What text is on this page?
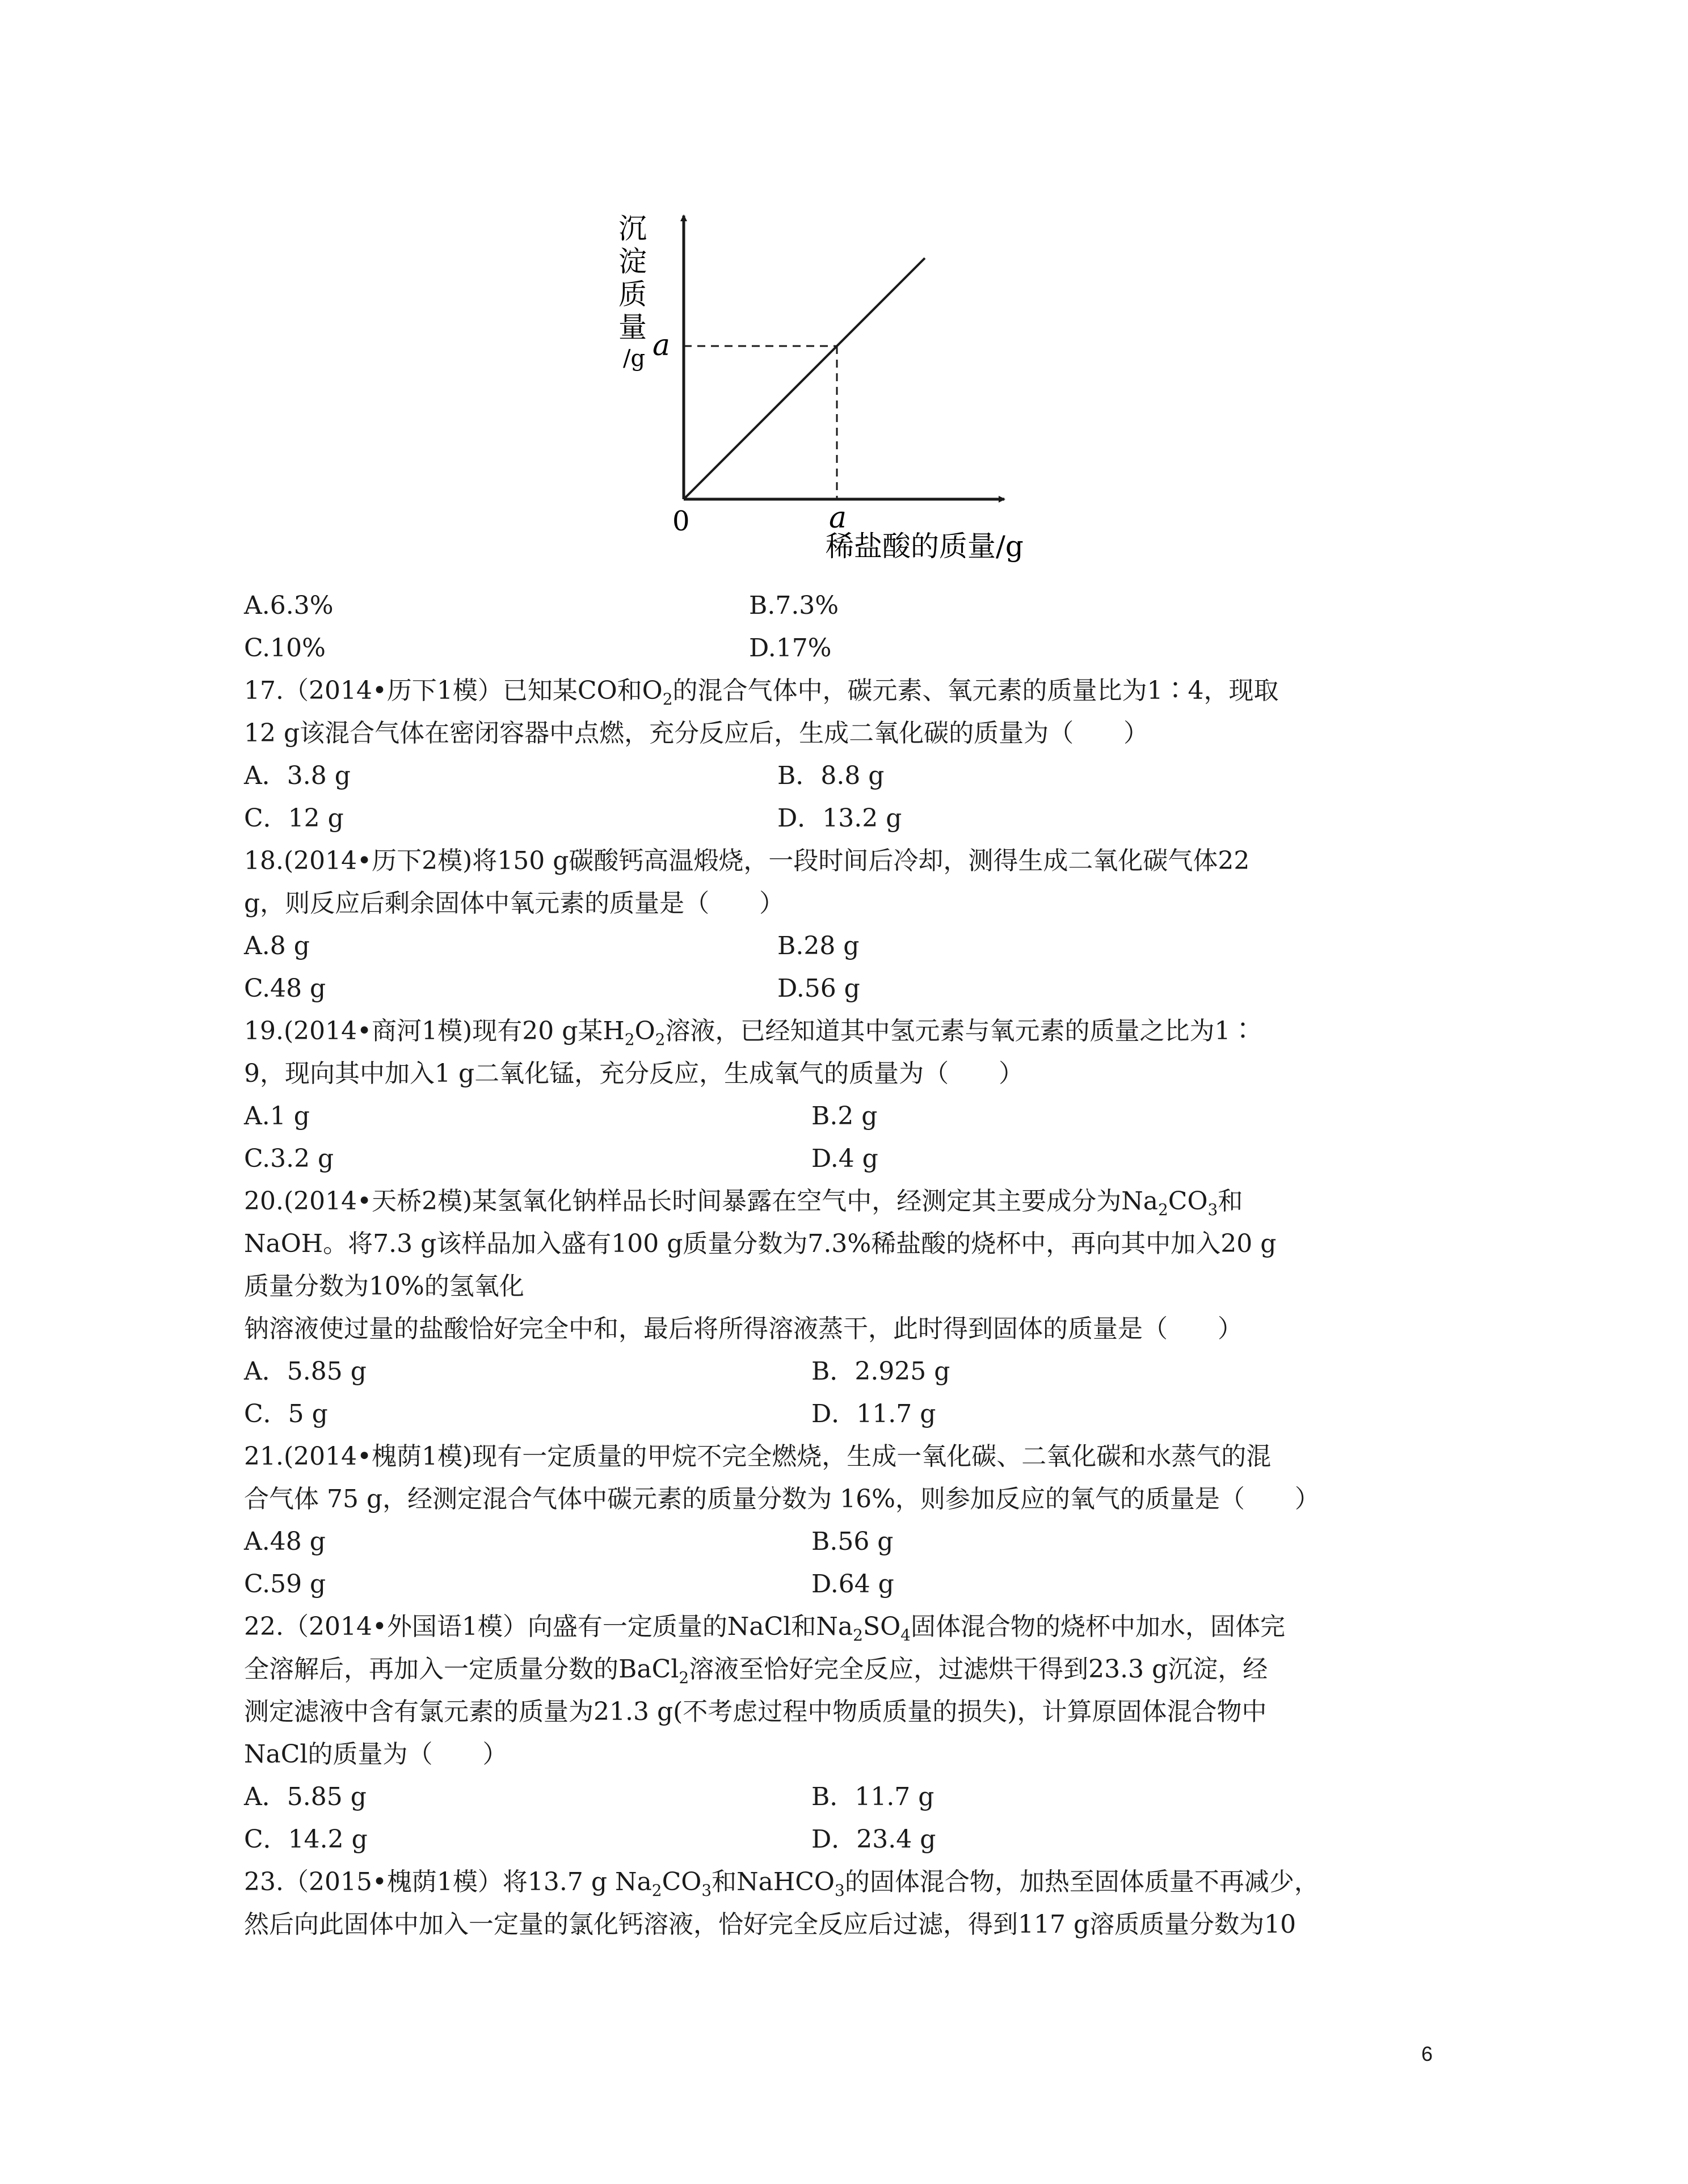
0	a
a
沉 淀 质 量 /g
稀盐酸的质量/g
A.6.3%	B.7.3%
C.10%	D.17%
17.（2014•历下1模）已知某CO和$O_2$的混合气体中，碳元素、氧元素的质量比为1∶4，现取
12 g该混合气体在密闭容器中点燃，充分反应后，生成二氧化碳的质量为（　　）
A．3.8 g	B．8.8 g
C．12 g	D．13.2 g
18.(2014•历下2模)将150 g碳酸钙高温煅烧，一段时间后冷却，测得生成二氧化碳气体22
g，则反应后剩余固体中氧元素的质量是（　　）
A.8 g	B.28 g
C.48 g	D.56 g
19.(2014•商河1模)现有20 g某$H_2O_2$溶液，已经知道其中氢元素与氧元素的质量之比为1∶
9，现向其中加入1 g二氧化锰，充分反应，生成氧气的质量为（　　）
A.1 g	B.2 g
C.3.2 g	D.4 g
20.(2014•天桥2模)某氢氧化钠样品长时间暴露在空气中，经测定其主要成分为$Na_2CO_3$和
NaOH。将7.3 g该样品加入盛有100 g质量分数为7.3%稀盐酸的烧杯中，再向其中加入20 g
质量分数为10%的氢氧化
钠溶液使过量的盐酸恰好完全中和，最后将所得溶液蒸干，此时得到固体的质量是（　　）
A．5.85 g	B．2.925 g
C．5 g	D．11.7 g
21.(2014•槐荫1模)现有一定质量的甲烷不完全燃烧，生成一氧化碳、二氧化碳和水蒸气的混
合气体 75 g，经测定混合气体中碳元素的质量分数为 16%，则参加反应的氧气的质量是（　　）
A.48 g	B.56 g
C.59 g	D.64 g
22.（2014•外国语1模）向盛有一定质量的NaCl和$Na_2SO_4$固体混合物的烧杯中加水，固体完
全溶解后，再加入一定质量分数的BaCl$_2$溶液至恰好完全反应，过滤烘干得到23.3 g沉淀，经
测定滤液中含有氯元素的质量为21.3 g(不考虑过程中物质质量的损失)，计算原固体混合物中
NaCl的质量为（　　）
A．5.85 g	B．11.7 g
C．14.2 g	D．23.4 g
23.（2015•槐荫1模）将13.7 g $Na_2CO_3$和NaHCO$_3$的固体混合物，加热至固体质量不再减少，
然后向此固体中加入一定量的氯化钙溶液，恰好完全反应后过滤，得到117 g溶质质量分数为10
6
